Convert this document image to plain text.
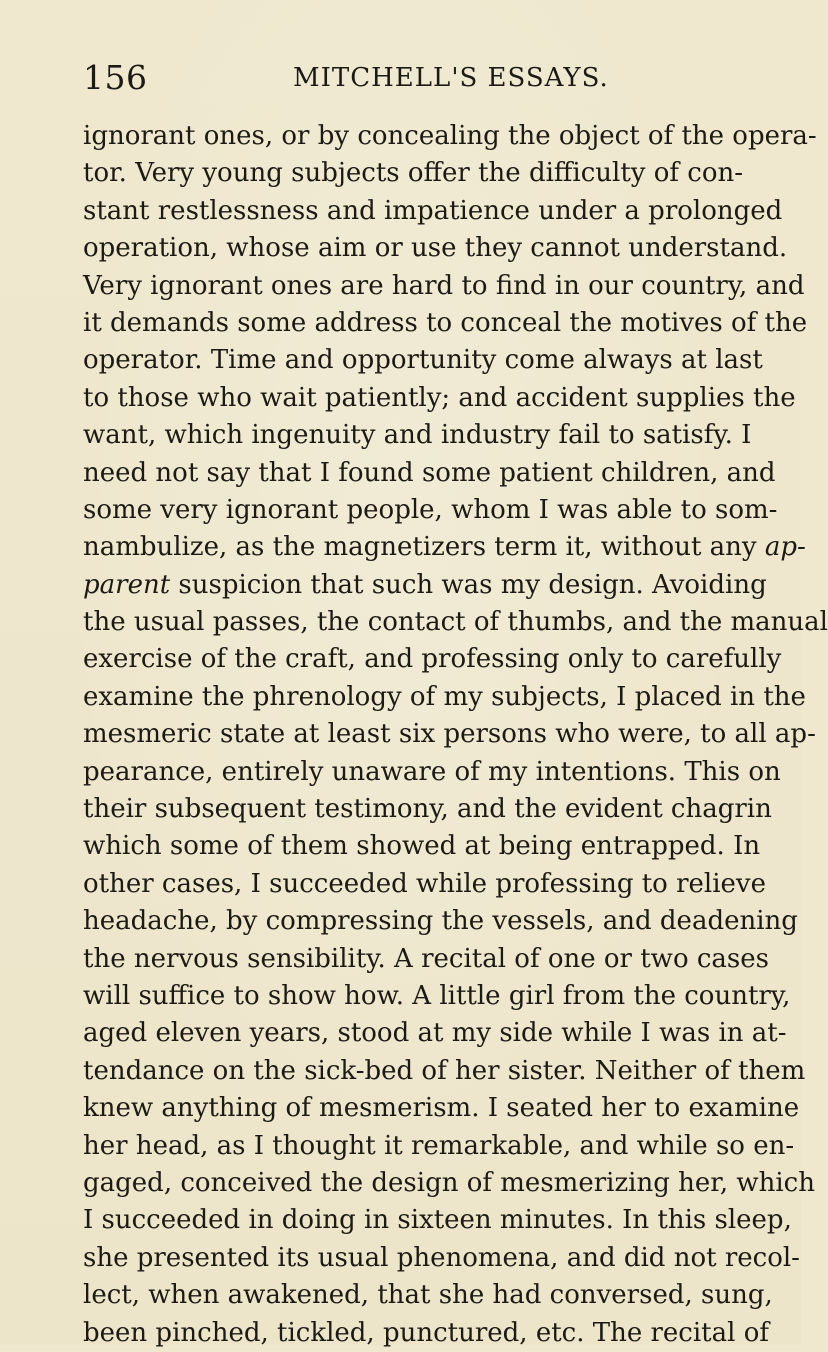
156	MITCHELL'S ESSAYS.
ignorant ones, or by concealing the object of the opera-
tor. Very young subjects offer the difficulty of con-
stant restlessness and impatience under a prolonged
operation, whose aim or use they cannot understand.
Very ignorant ones are hard to find in our country, and
it demands some address to conceal the motives of the
operator. Time and opportunity come always at last
to those who wait patiently; and accident supplies the
want, which ingenuity and industry fail to satisfy. I
need not say that I found some patient children, and
some very ignorant people, whom I was able to som-
nambulize, as the magnetizers term it, without any ap-
parent suspicion that such was my design. Avoiding
the usual passes, the contact of thumbs, and the manual
exercise of the craft, and professing only to carefully
examine the phrenology of my subjects, I placed in the
mesmeric state at least six persons who were, to all ap-
pearance, entirely unaware of my intentions. This on
their subsequent testimony, and the evident chagrin
which some of them showed at being entrapped. In
other cases, I succeeded while professing to relieve
headache, by compressing the vessels, and deadening
the nervous sensibility. A recital of one or two cases
will suffice to show how. A little girl from the country,
aged eleven years, stood at my side while I was in at-
tendance on the sick-bed of her sister. Neither of them
knew anything of mesmerism. I seated her to examine
her head, as I thought it remarkable, and while so en-
gaged, conceived the design of mesmerizing her, which
I succeeded in doing in sixteen minutes. In this sleep,
she presented its usual phenomena, and did not recol-
lect, when awakened, that she had conversed, sung,
been pinched, tickled, punctured, etc. The recital of
